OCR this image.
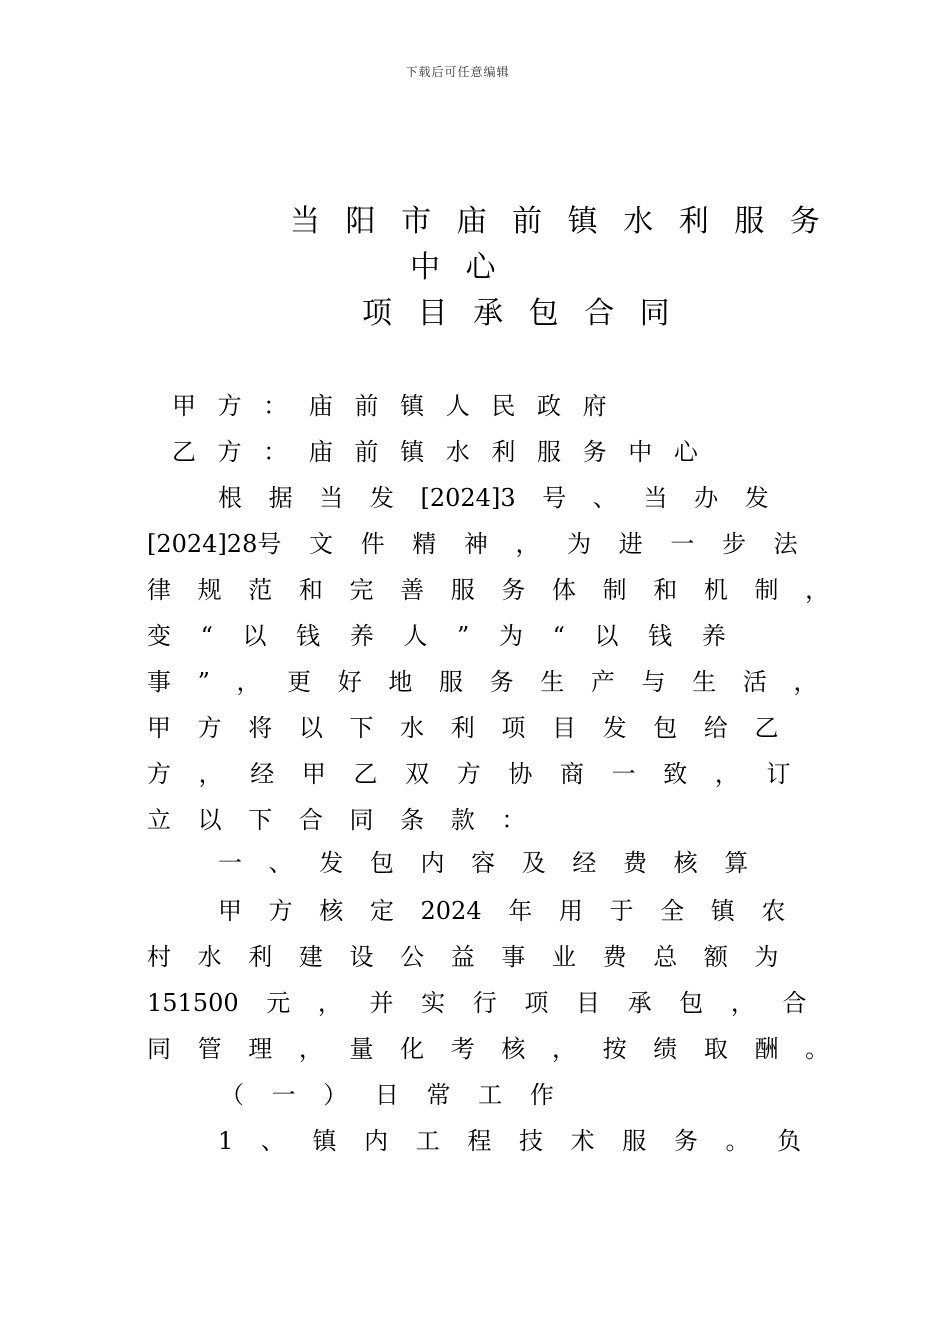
下载后可任意编辑
当 阳 市 庙 前 镇 水 利 服 务
中 心
项 目 承 包 合 同
甲 方 ： 庙 前 镇 人 民 政 府
乙 方 ： 庙 前 镇 水 利 服 务 中 心
根 据 当 发 [2024]3 号 、 当 办 发
[2024]28号 文 件 精 神 ， 为 进 一 步 法
律 规 范 和 完 善 服 务 体 制 和 机 制 ，
变 “ 以 钱 养 人 ” 为 “ 以 钱 养
事 ” ， 更 好 地 服 务 生 产 与 生 活 ，
甲 方 将 以 下 水 利 项 目 发 包 给 乙
方 ， 经 甲 乙 双 方 协 商 一 致 ， 订
立 以 下 合 同 条 款 ：
一 、 发 包 内 容 及 经 费 核 算
甲 方 核 定 2024 年 用 于 全 镇 农
村 水 利 建 设 公 益 事 业 费 总 额 为
151500 元 ， 并 实 行 项 目 承 包 ， 合
同 管 理 ， 量 化 考 核 ， 按 绩 取 酬 。
（ 一 ） 日 常 工 作
1 、 镇 内 工 程 技 术 服 务 。 负
